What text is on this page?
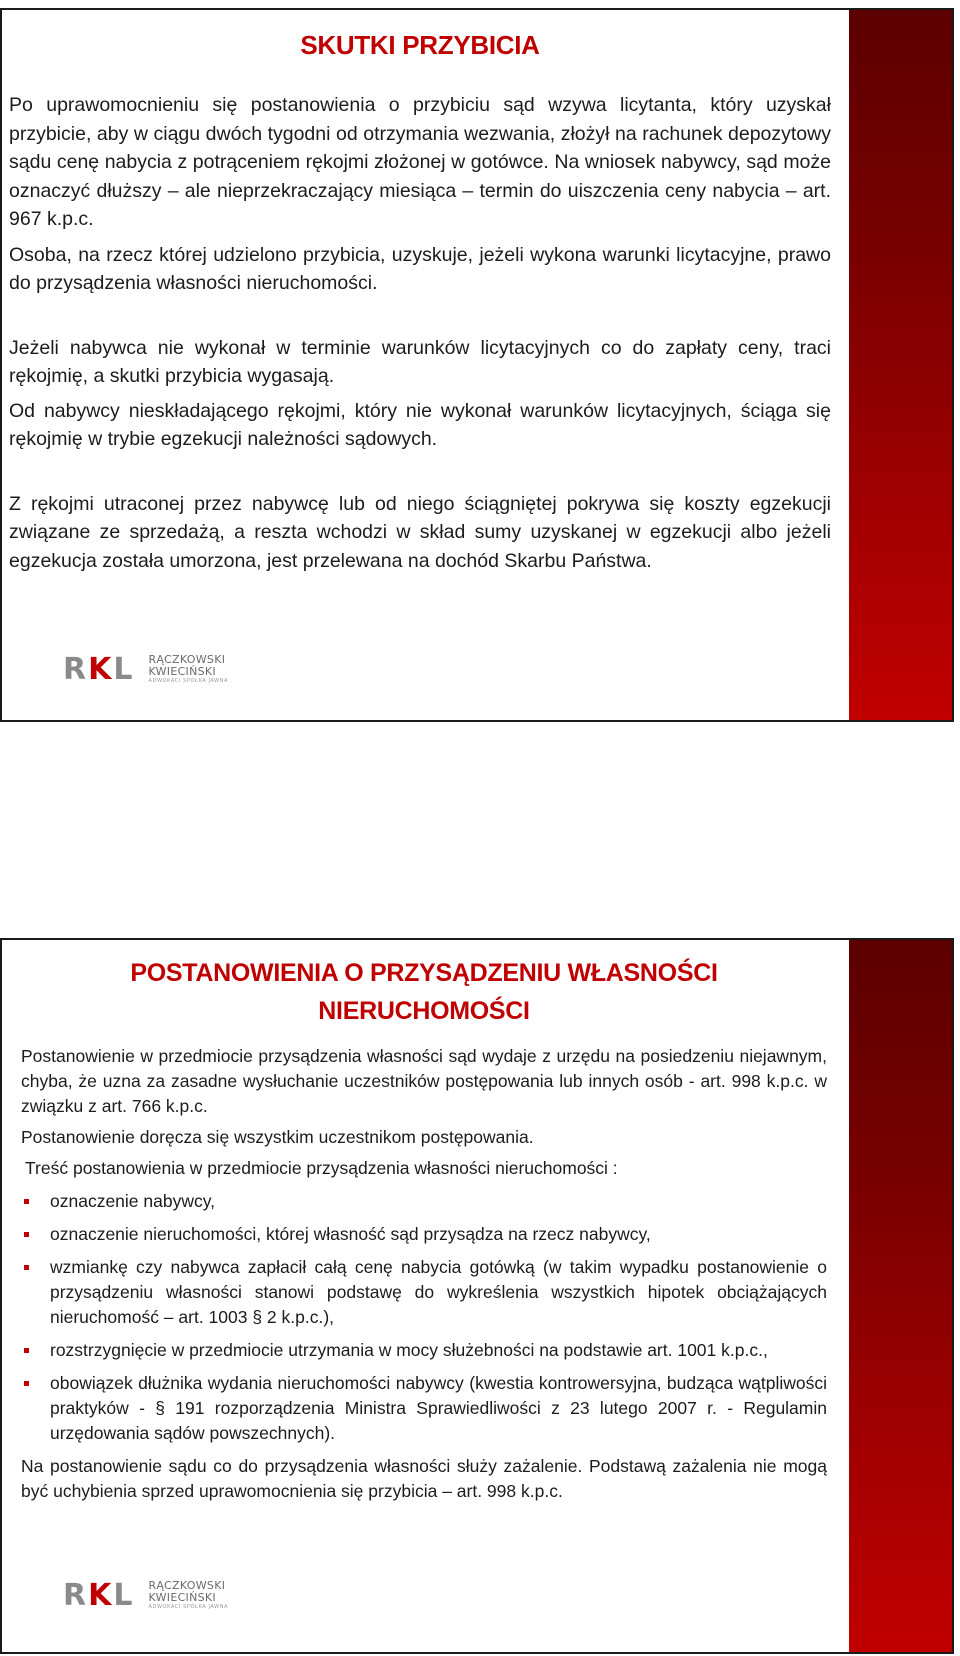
SKUTKI PRZYBICIA

Po uprawomocnieniu się postanowienia o przybiciu sąd wzywa licytanta, który uzyskał przybicie, aby w ciągu dwóch tygodni od otrzymania wezwania, złożył na rachunek depozytowy sądu cenę nabycia z potrąceniem rękojmi złożonej w gotówce. Na wniosek nabywcy, sąd może oznaczyć dłuższy – ale nieprzekraczający miesiąca – termin do uiszczenia ceny nabycia – art. 967 k.p.c.

Osoba, na rzecz której udzielono przybicia, uzyskuje, jeżeli wykona warunki licytacyjne, prawo do przysądzenia własności nieruchomości.

Jeżeli nabywca nie wykonał w terminie warunków licytacyjnych co do zapłaty ceny, traci rękojmię, a skutki przybicia wygasają.

Od nabywcy nieskładającego rękojmi, który nie wykonał warunków licytacyjnych, ściąga się rękojmię w trybie egzekucji należności sądowych.

Z rękojmi utraconej przez nabywcę lub od niego ściągniętej pokrywa się koszty egzekucji związane ze sprzedażą, a reszta wchodzi w skład sumy uzyskanej w egzekucji albo jeżeli egzekucja została umorzona, jest przelewana na dochód Skarbu Państwa.

R K L RĄCZKOWSKI
KWIECIŃSKI
ADWOKACI SPÓŁKA JAWNA
POSTANOWIENIA O PRZYSĄDZENIU WŁASNOŚCI
NIERUCHOMOŚCI

Postanowienie w przedmiocie przysądzenia własności sąd wydaje z urzędu na posiedzeniu niejawnym, chyba, że uzna za zasadne wysłuchanie uczestników postępowania lub innych osób - art. 998 k.p.c. w związku z art. 766 k.p.c.

Postanowienie doręcza się wszystkim uczestnikom postępowania.

Treść postanowienia w przedmiocie przysądzenia własności nieruchomości :

oznaczenie nabywcy,
oznaczenie nieruchomości, której własność sąd przysądza na rzecz nabywcy,
wzmiankę czy nabywca zapłacił całą cenę nabycia gotówką (w takim wypadku postanowienie o przysądzeniu własności stanowi podstawę do wykreślenia wszystkich hipotek obciążających nieruchomość – art. 1003 § 2 k.p.c.),
rozstrzygnięcie w przedmiocie utrzymania w mocy służebności na podstawie art. 1001 k.p.c.,
obowiązek dłużnika wydania nieruchomości nabywcy (kwestia kontrowersyjna, budząca wątpliwości praktyków - § 191 rozporządzenia Ministra Sprawiedliwości z 23 lutego 2007 r. - Regulamin urzędowania sądów powszechnych).

Na postanowienie sądu co do przysądzenia własności służy zażalenie. Podstawą zażalenia nie mogą być uchybienia sprzed uprawomocnienia się przybicia – art. 998 k.p.c.

R K L RĄCZKOWSKI
KWIECIŃSKI
ADWOKACI SPÓŁKA JAWNA
